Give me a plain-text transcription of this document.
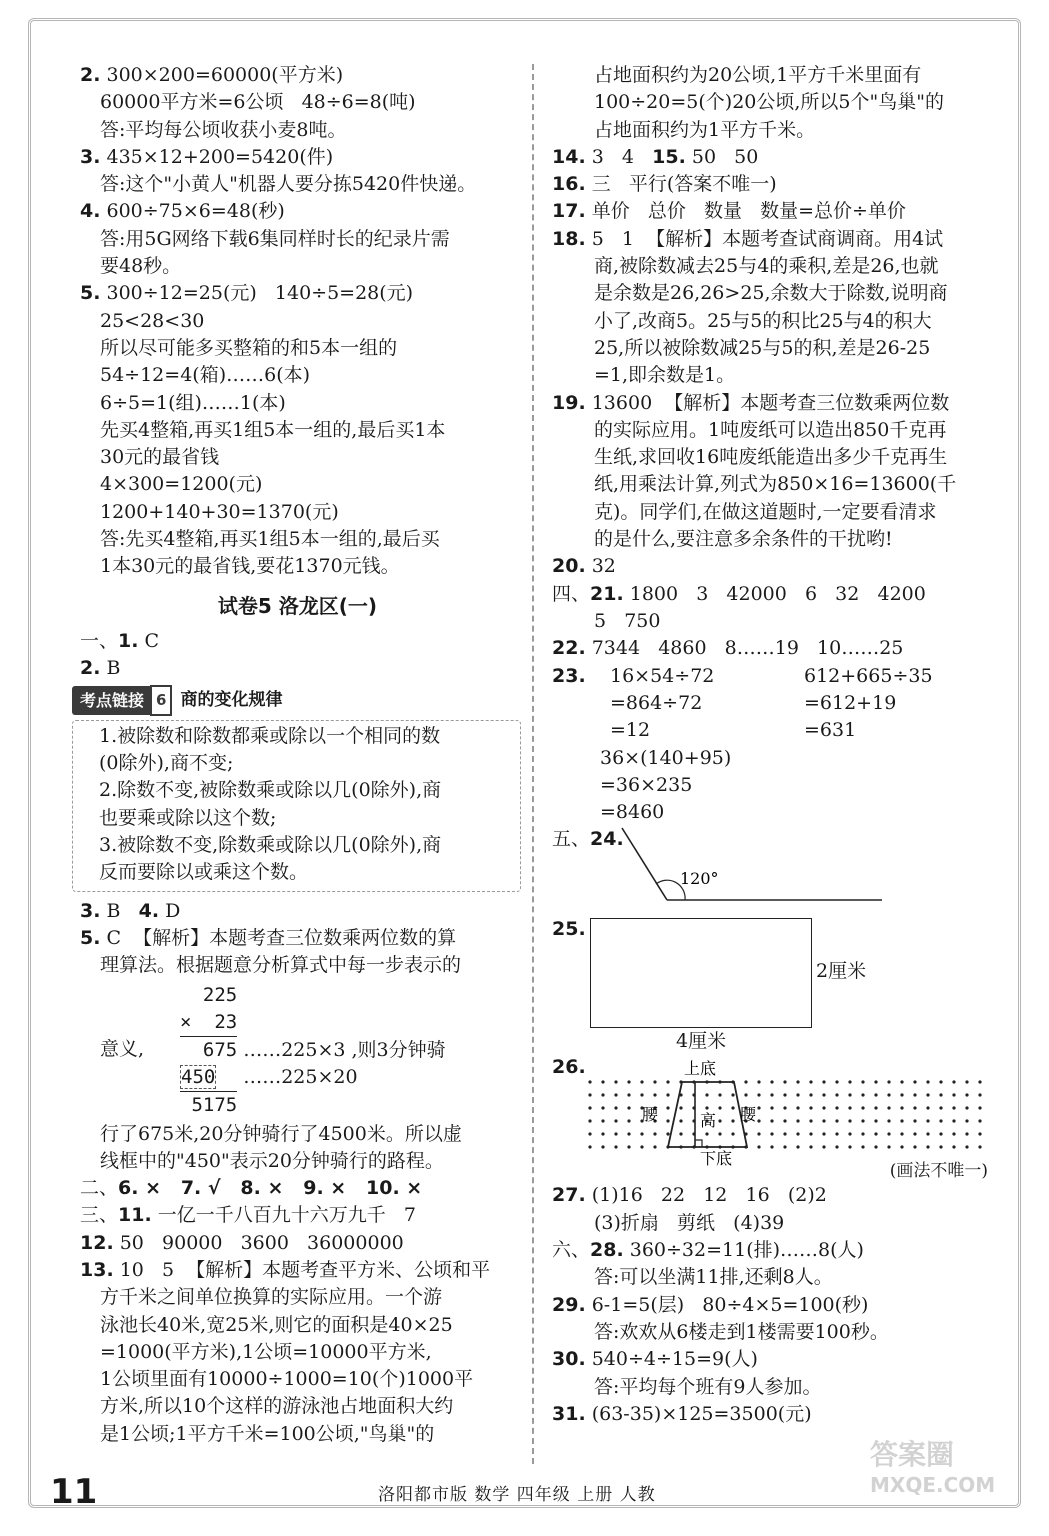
2. 300×200=60000(平方米)
60000平方米=6公顷   48÷6=8(吨)
答:平均每公顷收获小麦8吨。
3. 435×12+200=5420(件)
答:这个"小黄人"机器人要分拣5420件快递。
4. 600÷75×6=48(秒)
答:用5G网络下载6集同样时长的纪录片需
要48秒。
5. 300÷12=25(元)   140÷5=28(元)
25<28<30
所以尽可能多买整箱的和5本一组的
54÷12=4(箱)……6(本)
6÷5=1(组)……1(本)
先买4整箱,再买1组5本一组的,最后买1本
30元的最省钱
4×300=1200(元)
1200+140+30=1370(元)
答:先买4整箱,再买1组5本一组的,最后买
1本30元的最省钱,要花1370元钱。
试卷5 洛龙区(一)
一、1. C
2. B
考点链接 6 商的变化规律
1.被除数和除数都乘或除以一个相同的数
(0除外),商不变;
2.除数不变,被除数乘或除以几(0除外),商
也要乘或除以这个数;
3.被除数不变,除数乘或除以几(0除外),商
反而要除以或乘这个数。
3. B 4. D
5. C  【解析】本题考查三位数乘两位数的算
理算法。根据题意分析算式中每一步表示的
意义,
225
×  23
675
450
5175

……225×3 ,则3分钟骑
……225×20

行了675米,20分钟骑行了4500米。所以虚
线框中的"450"表示20分钟骑行的路程。
二、6. ×   7. √   8. ×   9. ×   10. ×
三、11. 一亿一千八百九十六万九千   7
12. 50   90000   3600   36000000
13. 10   5  【解析】本题考查平方米、公顷和平
方千米之间单位换算的实际应用。一个游
泳池长40米,宽25米,则它的面积是40×25
=1000(平方米),1公顷=10000平方米,
1公顷里面有10000÷1000=10(个)1000平
方米,所以10个这样的游泳池占地面积大约
是1公顷;1平方千米=100公顷,"鸟巢"的
占地面积约为20公顷,1平方千米里面有
100÷20=5(个)20公顷,所以5个"鸟巢"的
占地面积约为1平方千米。
14. 3   4 15. 50   50
16. 三   平行(答案不唯一)
17. 单价   总价   数量   数量=总价÷单价
18. 5   1  【解析】本题考查试商调商。用4试
商,被除数减去25与4的乘积,差是26,也就
是余数是26,26>25,余数大于除数,说明商
小了,改商5。25与5的积比25与4的积大
25,所以被除数减25与5的积,差是26-25
=1,即余数是1。
19. 13600  【解析】本题考查三位数乘两位数
的实际应用。1吨废纸可以造出850千克再
生纸,求回收16吨废纸能造出多少千克再生
纸,用乘法计算,列式为850×16=13600(千
克)。同学们,在做这道题时,一定要看清求
的是什么,要注意多余条件的干扰哟!
20. 32
四、21. 1800   3   42000   6   32   4200
5   750
22. 7344   4860   8……19   10……25
23. 16×54÷72
=864÷72
=12
612+665÷35
=612+19
=631
36×(140+95)
=36×235
=8460
五、24.
120°
25.
2厘米
4厘米
26.	上底
腰	腰
高
下底
(画法不唯一)
27. (1)16   22   12   16   (2)2
(3)折扇   剪纸   (4)39
六、28. 360÷32=11(排)……8(人)
答:可以坐满11排,还剩8人。
29. 6-1=5(层)   80÷4×5=100(秒)
答:欢欢从6楼走到1楼需要100秒。
30. 540÷4÷15=9(人)
答:平均每个班有9人参加。
31. (63-35)×125=3500(元)
11	洛阳都市版 数学 四年级 上册 人教
答案圈
MXQE.COM
